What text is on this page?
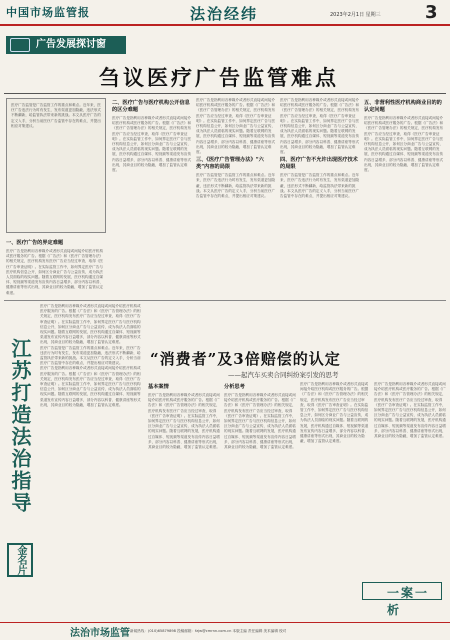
中国市场监管报	法治经纬	2023年2月1日 星期三 3
广告发展探讨窗
刍议医疗广告监管难点
医疗广告监管是广告监管工作的重点和难点。近年来，医疗广告违法行为时有发生，发布渠道更加隐蔽，违法形式不断翻新，给监管执法带来新的挑战。本文从医疗广告的定义入手，分析当前医疗广告监管中存在的难点，并提出相应对策建议。
一、医疗广告的界定难题
医疗广告是指利用各种媒介或者形式直接或间接介绍医疗机构或医疗服务的广告。根据《广告法》和《医疗广告管理办法》的相关规定，医疗机构发布医疗广告应当经过审查，取得《医疗广告审查证明》。在实际监管工作中，如何界定医疗广告与医疗机构信息公开，如何区分商业广告与公益宣传，成为执法人员面临的现实问题。随着互联网的发展，医疗机构通过自媒体、短视频等渠道发布宣传内容日益增多，部分内容以科普、健康讲座等形式出现，其商业目的较为隐蔽，增加了监管认定难度。
二、医疗广告与医疗机构公开信息的区分难题
医疗广告是指利用各种媒介或者形式直接或间接介绍医疗机构或医疗服务的广告。根据《广告法》和《医疗广告管理办法》的相关规定，医疗机构发布医疗广告应当经过审查，取得《医疗广告审查证明》。在实际监管工作中，如何界定医疗广告与医疗机构信息公开，如何区分商业广告与公益宣传，成为执法人员面临的现实问题。随着互联网的发展，医疗机构通过自媒体、短视频等渠道发布宣传内容日益增多，部分内容以科普、健康讲座等形式出现，其商业目的较为隐蔽，增加了监管认定难度。
医疗广告是指利用各种媒介或者形式直接或间接介绍医疗机构或医疗服务的广告。根据《广告法》和《医疗广告管理办法》的相关规定，医疗机构发布医疗广告应当经过审查，取得《医疗广告审查证明》。在实际监管工作中，如何界定医疗广告与医疗机构信息公开，如何区分商业广告与公益宣传，成为执法人员面临的现实问题。随着互联网的发展，医疗机构通过自媒体、短视频等渠道发布宣传内容日益增多，部分内容以科普、健康讲座等形式出现，其商业目的较为隐蔽，增加了监管认定难度。
三、《医疗广告管理办法》“六类”内容的局限
医疗广告监管是广告监管工作的重点和难点。近年来，医疗广告违法行为时有发生，发布渠道更加隐蔽，违法形式不断翻新，给监管执法带来新的挑战。本文从医疗广告的定义入手，分析当前医疗广告监管中存在的难点，并提出相应对策建议。
医疗广告是指利用各种媒介或者形式直接或间接介绍医疗机构或医疗服务的广告。根据《广告法》和《医疗广告管理办法》的相关规定，医疗机构发布医疗广告应当经过审查，取得《医疗广告审查证明》。在实际监管工作中，如何界定医疗广告与医疗机构信息公开，如何区分商业广告与公益宣传，成为执法人员面临的现实问题。随着互联网的发展，医疗机构通过自媒体、短视频等渠道发布宣传内容日益增多，部分内容以科普、健康讲座等形式出现，其商业目的较为隐蔽，增加了监管认定难度。
四、医疗广告不允许出现医疗技术的局限
医疗广告监管是广告监管工作的重点和难点。近年来，医疗广告违法行为时有发生，发布渠道更加隐蔽，违法形式不断翻新，给监管执法带来新的挑战。本文从医疗广告的定义入手，分析当前医疗广告监管中存在的难点，并提出相应对策建议。
五、非营利性医疗机构商业目的的认定问题
医疗广告是指利用各种媒介或者形式直接或间接介绍医疗机构或医疗服务的广告。根据《广告法》和《医疗广告管理办法》的相关规定，医疗机构发布医疗广告应当经过审查，取得《医疗广告审查证明》。在实际监管工作中，如何界定医疗广告与医疗机构信息公开，如何区分商业广告与公益宣传，成为执法人员面临的现实问题。随着互联网的发展，医疗机构通过自媒体、短视频等渠道发布宣传内容日益增多，部分内容以科普、健康讲座等形式出现，其商业目的较为隐蔽，增加了监管认定难度。
医疗广告是指利用各种媒介或者形式直接或间接介绍医疗机构或医疗服务的广告。根据《广告法》和《医疗广告管理办法》的相关规定，医疗机构发布医疗广告应当经过审查，取得《医疗广告审查证明》。在实际监管工作中，如何界定医疗广告与医疗机构信息公开，如何区分商业广告与公益宣传，成为执法人员面临的现实问题。随着互联网的发展，医疗机构通过自媒体、短视频等渠道发布宣传内容日益增多，部分内容以科普、健康讲座等形式出现，其商业目的较为隐蔽，增加了监管认定难度。
医疗广告监管是广告监管工作的重点和难点。近年来，医疗广告违法行为时有发生，发布渠道更加隐蔽，违法形式不断翻新，给监管执法带来新的挑战。本文从医疗广告的定义入手，分析当前医疗广告监管中存在的难点，并提出相应对策建议。
医疗广告是指利用各种媒介或者形式直接或间接介绍医疗机构或医疗服务的广告。根据《广告法》和《医疗广告管理办法》的相关规定，医疗机构发布医疗广告应当经过审查，取得《医疗广告审查证明》。在实际监管工作中，如何界定医疗广告与医疗机构信息公开，如何区分商业广告与公益宣传，成为执法人员面临的现实问题。随着互联网的发展，医疗机构通过自媒体、短视频等渠道发布宣传内容日益增多，部分内容以科普、健康讲座等形式出现，其商业目的较为隐蔽，增加了监管认定难度。
江苏打造法治指导
金名片
“消费者”及3倍赔偿的认定
——起汽车买卖合同纠纷案引发的思考
基本案情
医疗广告是指利用各种媒介或者形式直接或间接介绍医疗机构或医疗服务的广告。根据《广告法》和《医疗广告管理办法》的相关规定，医疗机构发布医疗广告应当经过审查，取得《医疗广告审查证明》。在实际监管工作中，如何界定医疗广告与医疗机构信息公开，如何区分商业广告与公益宣传，成为执法人员面临的现实问题。随着互联网的发展，医疗机构通过自媒体、短视频等渠道发布宣传内容日益增多，部分内容以科普、健康讲座等形式出现，其商业目的较为隐蔽，增加了监管认定难度。
分析思考
医疗广告是指利用各种媒介或者形式直接或间接介绍医疗机构或医疗服务的广告。根据《广告法》和《医疗广告管理办法》的相关规定，医疗机构发布医疗广告应当经过审查，取得《医疗广告审查证明》。在实际监管工作中，如何界定医疗广告与医疗机构信息公开，如何区分商业广告与公益宣传，成为执法人员面临的现实问题。随着互联网的发展，医疗机构通过自媒体、短视频等渠道发布宣传内容日益增多，部分内容以科普、健康讲座等形式出现，其商业目的较为隐蔽，增加了监管认定难度。
医疗广告是指利用各种媒介或者形式直接或间接介绍医疗机构或医疗服务的广告。根据《广告法》和《医疗广告管理办法》的相关规定，医疗机构发布医疗广告应当经过审查，取得《医疗广告审查证明》。在实际监管工作中，如何界定医疗广告与医疗机构信息公开，如何区分商业广告与公益宣传，成为执法人员面临的现实问题。随着互联网的发展，医疗机构通过自媒体、短视频等渠道发布宣传内容日益增多，部分内容以科普、健康讲座等形式出现，其商业目的较为隐蔽，增加了监管认定难度。
医疗广告是指利用各种媒介或者形式直接或间接介绍医疗机构或医疗服务的广告。根据《广告法》和《医疗广告管理办法》的相关规定，医疗机构发布医疗广告应当经过审查，取得《医疗广告审查证明》。在实际监管工作中，如何界定医疗广告与医疗机构信息公开，如何区分商业广告与公益宣传，成为执法人员面临的现实问题。随着互联网的发展，医疗机构通过自媒体、短视频等渠道发布宣传内容日益增多，部分内容以科普、健康讲座等形式出现，其商业目的较为隐蔽，增加了监管认定难度。
一案一析
法治市场监管 新闻热线：(010)65879898 投稿邮箱：fzjw@cmrnn.com.cn 本版主编 责任编辑 美术编辑 校对
